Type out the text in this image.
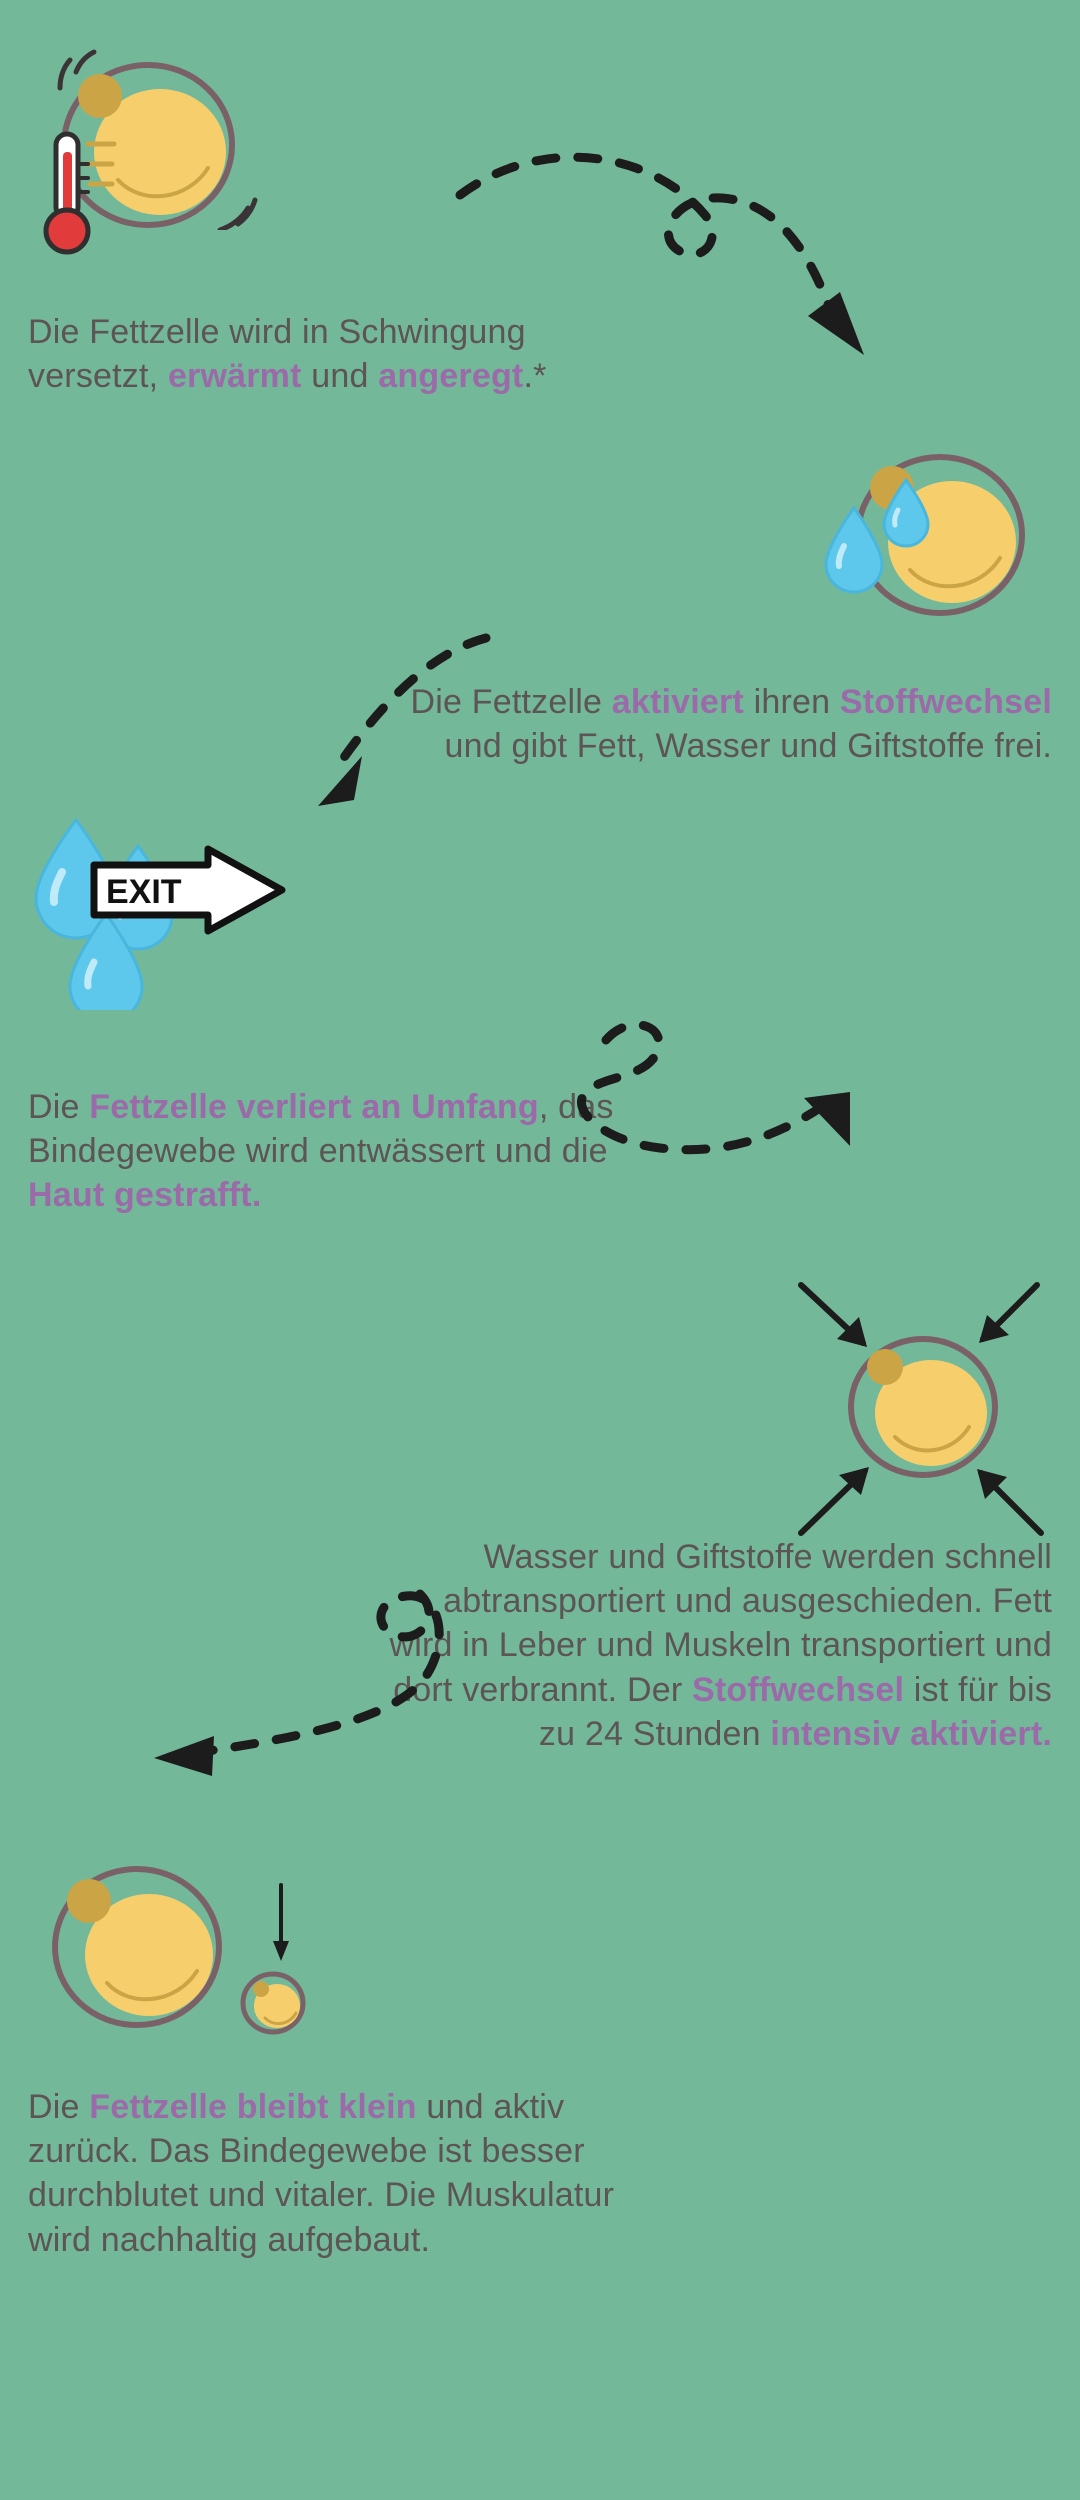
Die Fettzelle wird in Schwingung versetzt, erwärmt und angeregt.*
Die Fettzelle aktiviert ihren Stoffwechsel und gibt Fett, Wasser und Giftstoffe frei.
EXIT
Die Fettzelle verliert an Umfang, das Bindegewebe wird entwässert und die Haut gestrafft.
Wasser und Giftstoffe werden schnell abtransportiert und ausgeschieden. Fett wird in Leber und Muskeln transportiert und dort verbrannt. Der Stoffwechsel ist für bis zu 24 Stunden intensiv aktiviert.
Die Fettzelle bleibt klein und aktiv zurück. Das Bindegewebe ist besser durchblutet und vitaler. Die Muskulatur wird nachhaltig aufgebaut.
